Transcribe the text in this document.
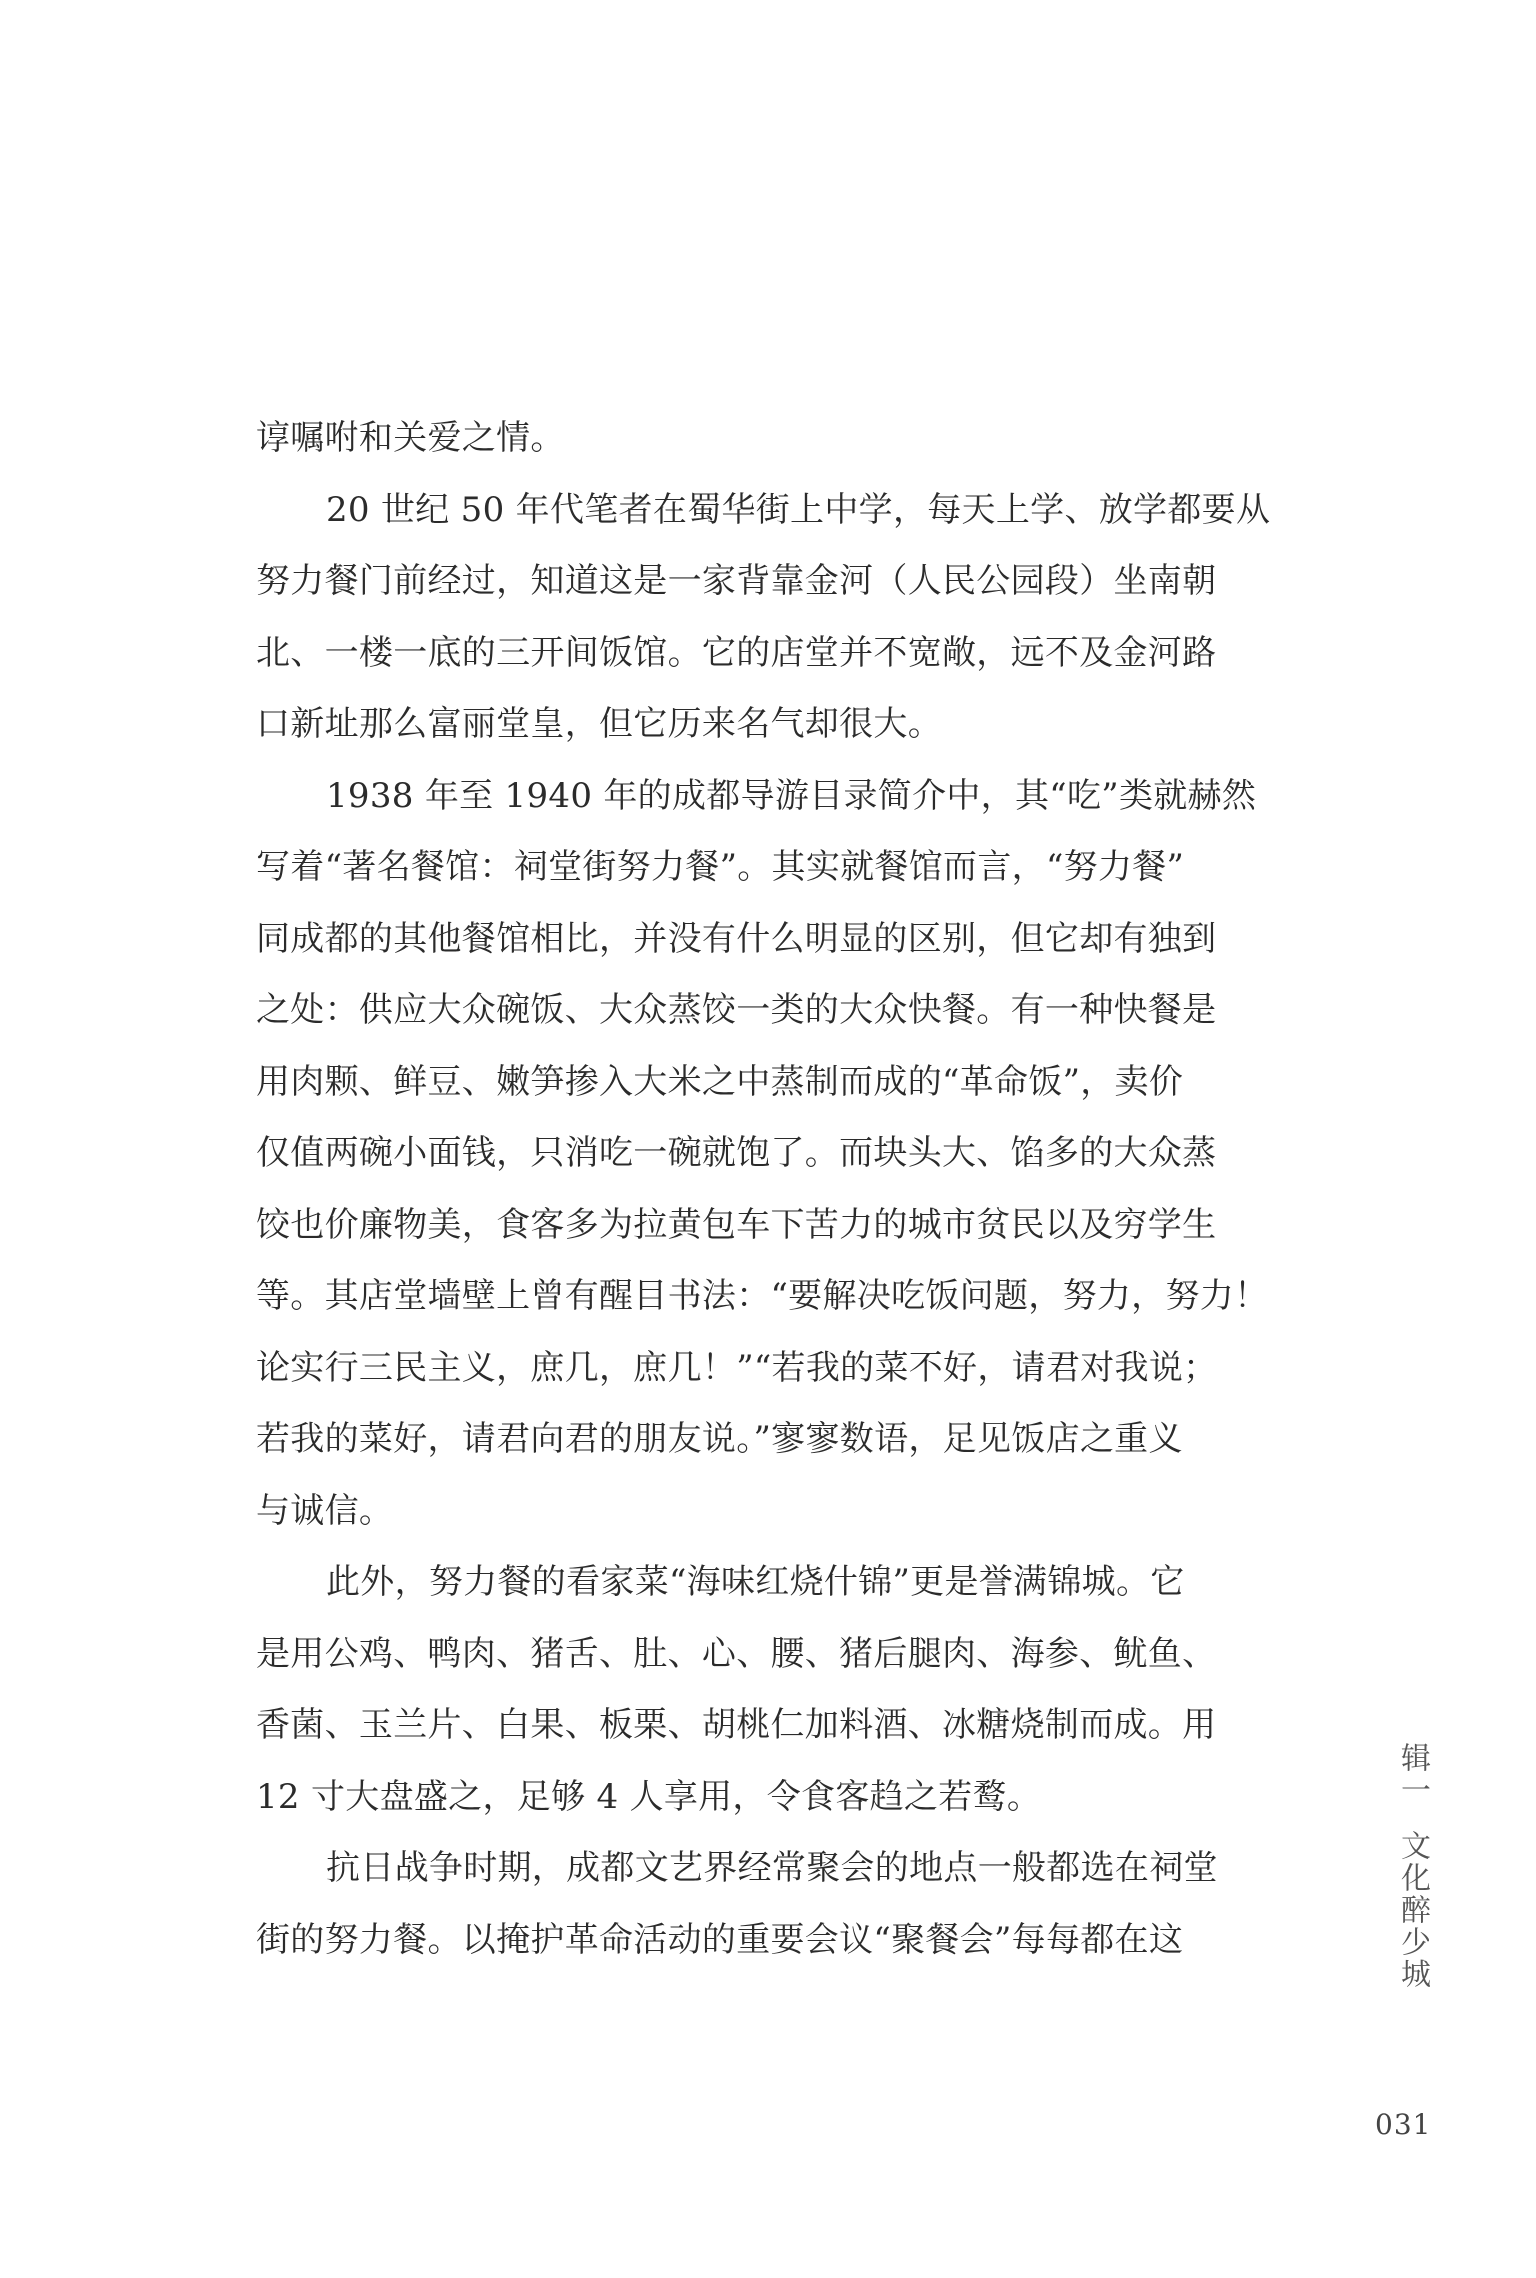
谆嘱咐和关爱之情。
20 世纪 50 年代笔者在蜀华街上中学，每天上学、放学都要从
努力餐门前经过，知道这是一家背靠金河（人民公园段）坐南朝
北、一楼一底的三开间饭馆。它的店堂并不宽敞，远不及金河路
口新址那么富丽堂皇，但它历来名气却很大。
1938 年至 1940 年的成都导游目录简介中，其“吃”类就赫然
写着“著名餐馆：祠堂街努力餐”。其实就餐馆而言，“努力餐”
同成都的其他餐馆相比，并没有什么明显的区别，但它却有独到
之处：供应大众碗饭、大众蒸饺一类的大众快餐。有一种快餐是
用肉颗、鲜豆、嫩笋掺入大米之中蒸制而成的“革命饭”，卖价
仅值两碗小面钱，只消吃一碗就饱了。而块头大、馅多的大众蒸
饺也价廉物美，食客多为拉黄包车下苦力的城市贫民以及穷学生
等。其店堂墙壁上曾有醒目书法：“要解决吃饭问题，努力，努力！
论实行三民主义，庶几，庶几！”“若我的菜不好，请君对我说；
若我的菜好，请君向君的朋友说。”寥寥数语，足见饭店之重义
与诚信。
此外，努力餐的看家菜“海味红烧什锦”更是誉满锦城。它
是用公鸡、鸭肉、猪舌、肚、心、腰、猪后腿肉、海参、鱿鱼、
香菌、玉兰片、白果、板栗、胡桃仁加料酒、冰糖烧制而成。用
12 寸大盘盛之，足够 4 人享用，令食客趋之若鹜。
抗日战争时期，成都文艺界经常聚会的地点一般都选在祠堂
街的努力餐。以掩护革命活动的重要会议“聚餐会”每每都在这
辑一文化醉少城
031
